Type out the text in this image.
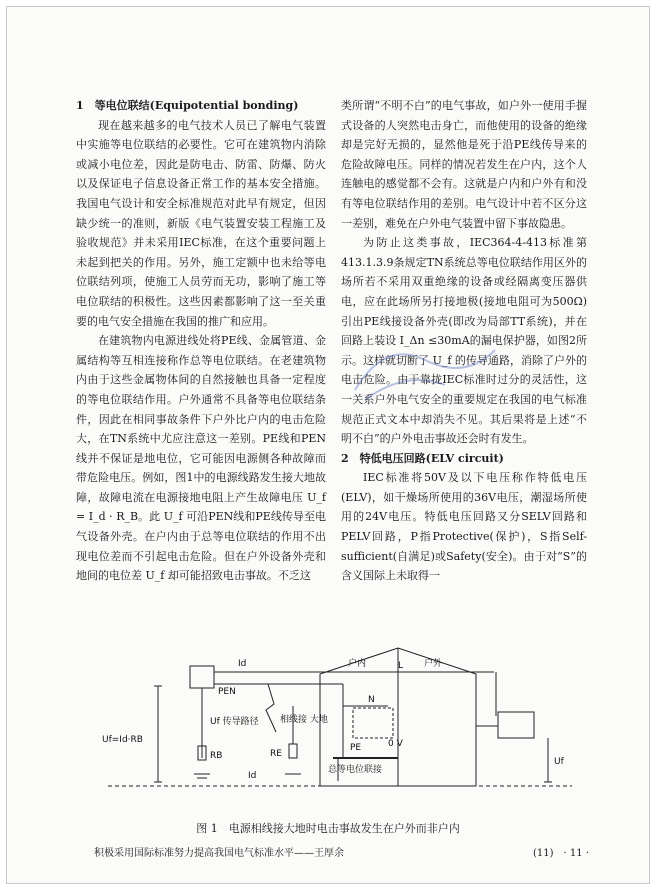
1　等电位联结(Equipotential bonding)

现在越来越多的电气技术人员已了解电气装置中实施等电位联结的必要性。它可在建筑物内消除或减小电位差，因此是防电击、防雷、防爆、防火以及保证电子信息设备正常工作的基本安全措施。我国电气设计和安全标准规范对此早有规定，但因缺少统一的准则，新版《电气装置安装工程施工及验收规范》并未采用IEC标准，在这个重要问题上未起到把关的作用。另外，施工定额中也未给等电位联结列项，使施工人员劳而无功，影响了施工等电位联结的积极性。这些因素都影响了这一至关重要的电气安全措施在我国的推广和应用。

在建筑物内电源进线处将PE线、金属管道、金属结构等互相连接称作总等电位联结。在老建筑物内由于这些金属物体间的自然接触也具备一定程度的等电位联结作用。户外通常不具备等电位联结条件，因此在相同事故条件下户外比户内的电击危险大，在TN系统中尤应注意这一差别。PE线和PEN线并不保证是地电位，它可能因电源侧各种故障而带危险电压。例如，图1中的电源线路发生接大地故障，故障电流在电源接地电阻上产生故障电压 U_f = I_d · R_B。此 U_f 可沿PEN线和PE线传导至电气设备外壳。在户内由于总等电位联结的作用不出现电位差而不引起电击危险。但在户外设备外壳和地间的电位差 U_f 却可能招致电击事故。不乏这

类所谓“不明不白”的电气事故，如户外一使用手握式设备的人突然电击身亡，而他使用的设备的绝缘却是完好无损的，显然他是死于沿PE线传导来的危险故障电压。同样的情况若发生在户内，这个人连触电的感觉都不会有。这就是户内和户外有和没有等电位联结作用的差别。电气设计中若不区分这一差别，难免在户外电气装置中留下事故隐患。

为防止这类事故，IEC364-4-413标准第413.1.3.9条规定TN系统总等电位联结作用区外的场所若不采用双重绝缘的设备或经隔离变压器供电，应在此场所另打接地极(接地电阻可为500Ω)引出PE线接设备外壳(即改为局部TT系统)，并在回路上装设 I_Δn ≤30mA的漏电保护器，如图2所示。这样就切断了 U_f 的传导通路，消除了户外的电击危险。由于靠拢IEC标准时过分的灵活性，这一关系户外电气安全的重要规定在我国的电气标准规范正式文本中却消失不见。其后果将是上述“不明不白”的户外电击事故还会时有发生。

2　特低电压回路(ELV circuit)

IEC标准将50V及以下电压称作特低电压(ELV)，如干燥场所使用的36V电压，潮湿场所使用的24V电压。特低电压回路又分SELV回路和PELV回路，P指Protective(保护)，S指Self-sufficient(自满足)或Safety(安全)。由于对“S”的含义国际上未取得一

户内	户外
Id	L
PEN
N
PE	0 V
Uf 传导路径 相线接 大地
Uf=Id·RB
RB	RE
Id
Uf
总等电位联接
图 1　电源相线接大地时电击事故发生在户外而非户内
积极采用国际标准努力提高我国电气标准水平——王厚余	(11)　· 11 ·
